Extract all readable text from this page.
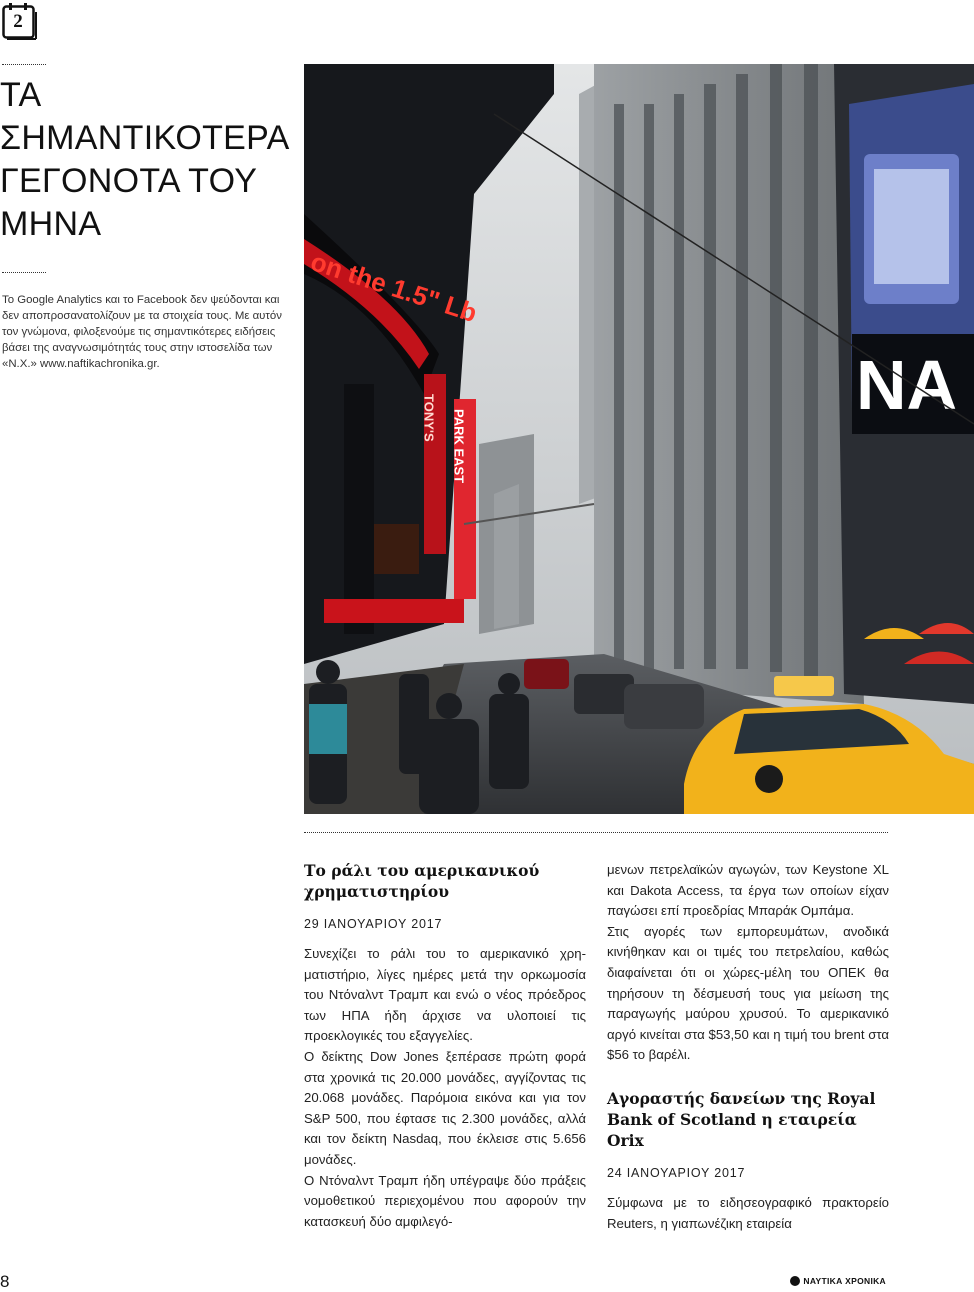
2
ΤΑ ΣΗΜΑΝΤΙΚΟΤΕΡΑ ΓΕΓΟΝΟΤΑ ΤΟΥ ΜΗΝΑ

Το Google Analytics και το Facebook δεν ψεύδονται και δεν αποπροσανατολίζουν με τα στοιχεία τους. Με αυτόν τον γνώμονα, φιλοξενούμε τις σημαντικότερες ειδήσεις βάσει της αναγνωσιμότητάς τους στην ιστοσελίδα των «Ν.Χ.» www.naftikachronika.gr.	NA
on the 1.5" Lb
TONY'S PARK EAST
Το ράλι του αμερικανικού χρηματιστηρίου
29 ΙΑΝΟΥΑΡΙΟΥ 2017

Συνεχίζει το ράλι του το αμερικανικό χρηματιστήριο, λίγες ημέρες μετά την ορκωμοσία του Ντόναλντ Τραμπ και ενώ ο νέος πρόεδρος των ΗΠΑ ήδη άρχισε να υλοποιεί τις προεκλογικές του εξαγγελίες.

Ο δείκτης Dow Jones ξεπέρασε πρώτη φορά στα χρονικά τις 20.000 μονάδες, αγγίζοντας τις 20.068 μονάδες. Παρόμοια εικόνα και για τον S&P 500, που έφτασε τις 2.300 μονάδες, αλλά και τον δείκτη Nasdaq, που έκλεισε στις 5.656 μονάδες.

Ο Ντόναλντ Τραμπ ήδη υπέγραψε δύο πράξεις νομοθετικού περιεχομένου που αφορούν την κατασκευή δύο αμφιλεγό-

μενων πετρελαϊκών αγωγών, των Keystone XL και Dakota Access, τα έργα των οποίων είχαν παγώσει επί προεδρίας Μπαράκ Ομπάμα.

Στις αγορές των εμπορευμάτων, ανοδικά κινήθηκαν και οι τιμές του πετρελαίου, καθώς διαφαίνεται ότι οι χώρες-μέλη του ΟΠΕΚ θα τηρήσουν τη δέσμευσή τους για μείωση της παραγωγής μαύρου χρυσού. Το αμερικανικό αργό κινείται στα $53,50 και η τιμή του brent στα $56 το βαρέλι.

Αγοραστής δανείων της Royal Bank of Scotland η εταιρεία Orix
24 ΙΑΝΟΥΑΡΙΟΥ 2017

Σύμφωνα με το ειδησεογραφικό πρακτορείο Reuters, η γιαπωνέζικη εταιρεία

8	ΝΑΥΤΙΚΑ ΧΡΟΝΙΚΑ
